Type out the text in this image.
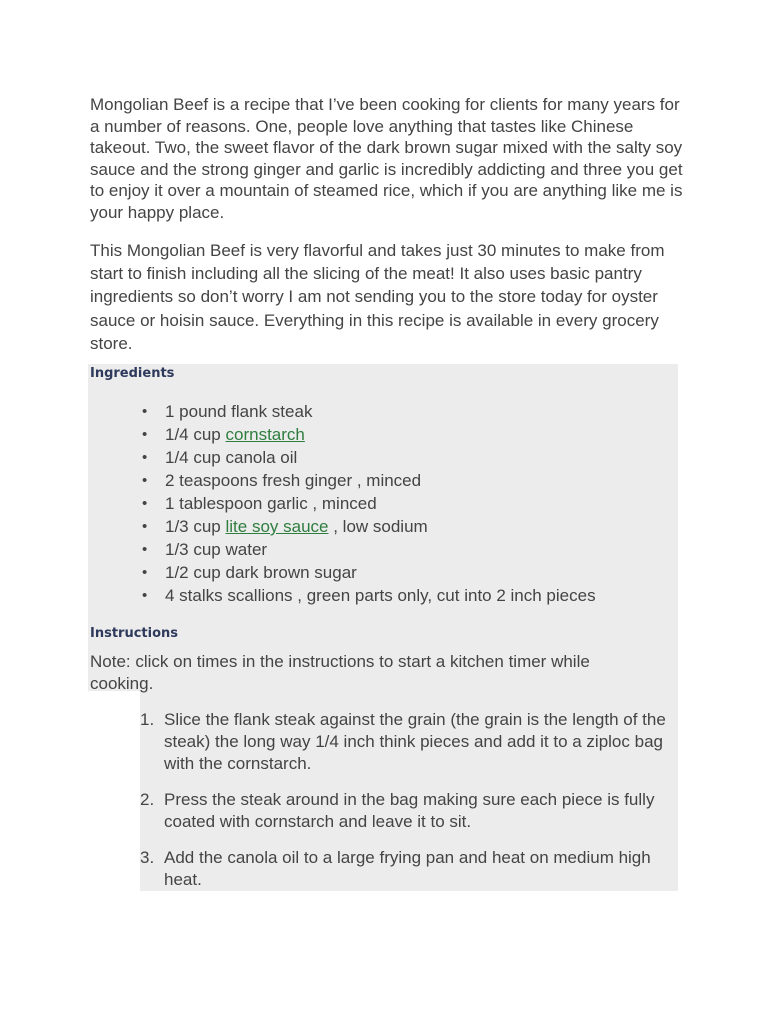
Mongolian Beef is a recipe that I’ve been cooking for clients for many years for a number of reasons. One, people love anything that tastes like Chinese takeout. Two, the sweet flavor of the dark brown sugar mixed with the salty soy sauce and the strong ginger and garlic is incredibly addicting and three you get to enjoy it over a mountain of steamed rice, which if you are anything like me is your happy place.

This Mongolian Beef is very flavorful and takes just 30 minutes to make from start to finish including all the slicing of the meat! It also uses basic pantry ingredients so don’t worry I am not sending you to the store today for oyster sauce or hoisin sauce. Everything in this recipe is available in every grocery store.

Ingredients
• 1 pound flank steak
• 1/4 cup cornstarch
• 1/4 cup canola oil
• 2 teaspoons fresh ginger , minced
• 1 tablespoon garlic , minced
• 1/3 cup lite soy sauce , low sodium
• 1/3 cup water
• 1/2 cup dark brown sugar
• 4 stalks scallions , green parts only, cut into 2 inch pieces
Instructions

Note: click on times in the instructions to start a kitchen timer while cooking.

1. Slice the flank steak against the grain (the grain is the length of the steak) the long way 1/4 inch think pieces and add it to a ziploc bag with the cornstarch.
2. Press the steak around in the bag making sure each piece is fully coated with cornstarch and leave it to sit.
3. Add the canola oil to a large frying pan and heat on medium high heat.
